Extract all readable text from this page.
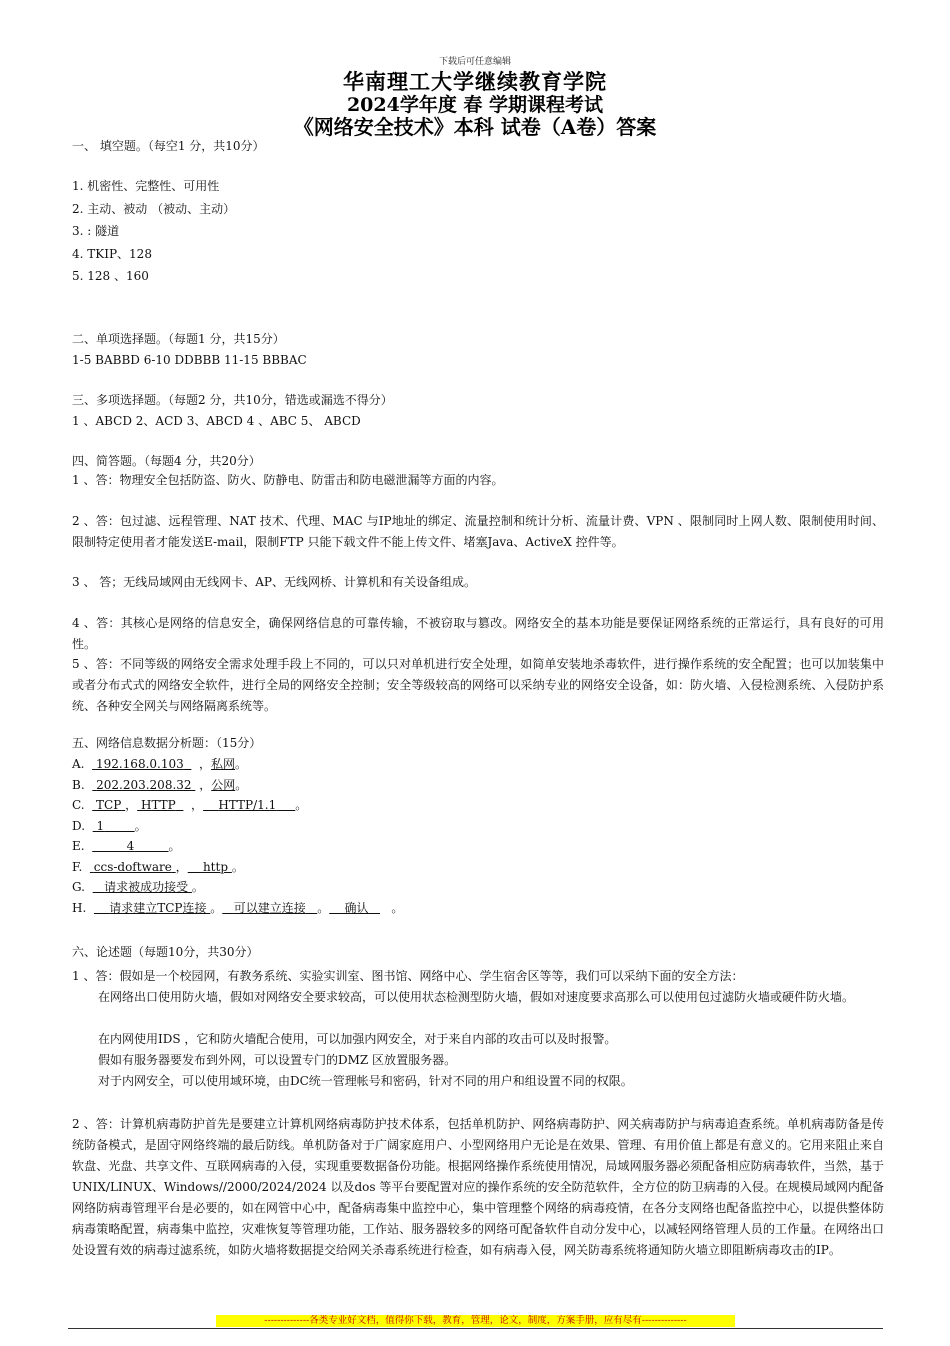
下载后可任意编辑
华南理工大学继续教育学院
2024学年度 春 学期课程考试
《网络安全技术》本科 试卷（A卷）答案
一、 填空题。（每空1 分，共10分）
1. 机密性、完整性、可用性
2. 主动、被动 （被动、主动）
3. : 隧道
4. TKIP、128
5. 128 、160
二、单项选择题。（每题1 分，共15分）
1-5 BABBD 6-10 DDBBB 11-15 BBBAC
三、多项选择题。（每题2 分，共10分，错选或漏选不得分）
1 、ABCD 2、ACD 3、ABCD 4 、ABC 5、 ABCD
四、简答题。（每题4 分，共20分）
1 、答：物理安全包括防盗、防火、防静电、防雷击和防电磁泄漏等方面的内容。
2 、答：包过滤、远程管理、NAT 技术、代理、MAC 与IP地址的绑定、流量控制和统计分析、流量计费、VPN 、限制同时上网人数、限制使用时间、限制特定使用者才能发送E-mail，限制FTP 只能下载文件不能上传文件、堵塞Java、ActiveX 控件等。
3 、 答；无线局域网由无线网卡、AP、无线网桥、计算机和有关设备组成。
4 、答：其核心是网络的信息安全，确保网络信息的可靠传输，不被窃取与篡改。网络安全的基本功能是要保证网络系统的正常运行，具有良好的可用性。
5 、答：不同等级的网络安全需求处理手段上不同的，可以只对单机进行安全处理，如简单安装地杀毒软件，进行操作系统的安全配置；也可以加装集中或者分布式式的网络安全软件，进行全局的网络安全控制；安全等级较高的网络可以采纳专业的网络安全设备，如：防火墙、入侵检测系统、入侵防护系统、各种安全网关与网络隔离系统等。
五、网络信息数据分析题：（15分）
A. 192.168.0.103    ，私网。
B. 202.203.208.32  ，公网。
C. TCP ， HTTP    ， HTTP/1.1 。
D. 1	。
E.	4	。
F. ccs-doftware ， http 。
G. 请求被成功接受 。
H. 请求建立TCP连接 。 可以建立连接 。 确认      。
六、论述题（每题10分，共30分）
1 、答：假如是一个校园网，有教务系统、实验实训室、图书馆、网络中心、学生宿舍区等等，我们可以采纳下面的安全方法：
在网络出口使用防火墙，假如对网络安全要求较高，可以使用状态检测型防火墙，假如对速度要求高那么可以使用包过滤防火墙或硬件防火墙。
在内网使用IDS ，它和防火墙配合使用，可以加强内网安全，对于来自内部的攻击可以及时报警。
假如有服务器要发布到外网，可以设置专门的DMZ 区放置服务器。
对于内网安全，可以使用域环境，由DC统一管理帐号和密码，针对不同的用户和组设置不同的权限。
2 、答：计算机病毒防护首先是要建立计算机网络病毒防护技术体系，包括单机防护、网络病毒防护、网关病毒防护与病毒追查系统。单机病毒防备是传统防备模式，是固守网络终端的最后防线。单机防备对于广阔家庭用户、小型网络用户无论是在效果、管理、有用价值上都是有意义的。它用来阻止来自软盘、光盘、共享文件、互联网病毒的入侵，实现重要数据备份功能。根据网络操作系统使用情况，局域网服务器必须配备相应防病毒软件，当然，基于UNIX/LINUX、Windows//2000/2024/2024 以及dos 等平台要配置对应的操作系统的安全防范软件，全方位的防卫病毒的入侵。在规模局域网内配备网络防病毒管理平台是必要的，如在网管中心中，配备病毒集中监控中心，集中管理整个网络的病毒疫情，在各分支网络也配备监控中心，以提供整体防病毒策略配置，病毒集中监控，灾难恢复等管理功能，工作站、服务器较多的网络可配备软件自动分发中心，以减轻网络管理人员的工作量。在网络出口处设置有效的病毒过滤系统，如防火墙将数据提交给网关杀毒系统进行检查，如有病毒入侵，网关防毒系统将通知防火墙立即阻断病毒攻击的IP。
--------------各类专业好文档，值得你下载，教育，管理，论文，制度，方案手册，应有尽有--------------
